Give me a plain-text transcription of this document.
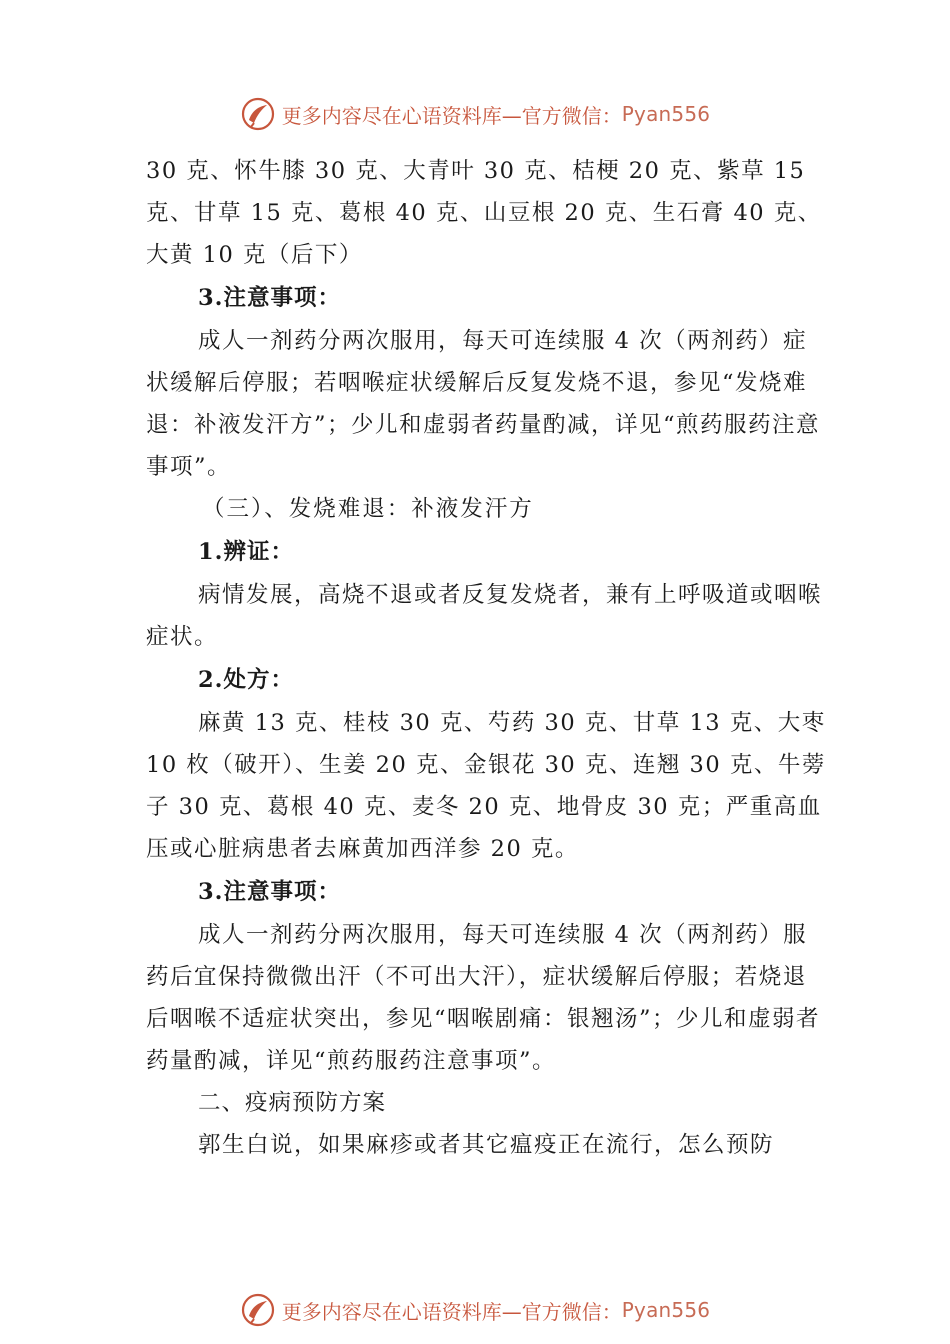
更多内容尽在心语资料库—官方微信： Pyan556

30 克、怀牛膝 30 克、大青叶 30 克、桔梗 20 克、紫草 15 克、甘草 15 克、葛根 40 克、山豆根 20 克、生石膏 40 克、大黄 10 克（后下）

3.注意事项：

成人一剂药分两次服用，每天可连续服 4 次（两剂药）症状缓解后停服；若咽喉症状缓解后反复发烧不退，参见“发烧难退：补液发汗方”；少儿和虚弱者药量酌减，详见“煎药服药注意事项”。

（三）、发烧难退：补液发汗方

1.辨证：

病情发展，高烧不退或者反复发烧者，兼有上呼吸道或咽喉症状。

2.处方：

麻黄 13 克、桂枝 30 克、芍药 30 克、甘草 13 克、大枣 10 枚（破开）、生姜 20 克、金银花 30 克、连翘 30 克、牛蒡子 30 克、葛根 40 克、麦冬 20 克、地骨皮 30 克；严重高血压或心脏病患者去麻黄加西洋参 20 克。

3.注意事项：

成人一剂药分两次服用，每天可连续服 4 次（两剂药）服药后宜保持微微出汗（不可出大汗），症状缓解后停服；若烧退后咽喉不适症状突出，参见“咽喉剧痛：银翘汤”；少儿和虚弱者药量酌减，详见“煎药服药注意事项”。

二、疫病预防方案

郭生白说，如果麻疹或者其它瘟疫正在流行，怎么预防

更多内容尽在心语资料库—官方微信： Pyan556
